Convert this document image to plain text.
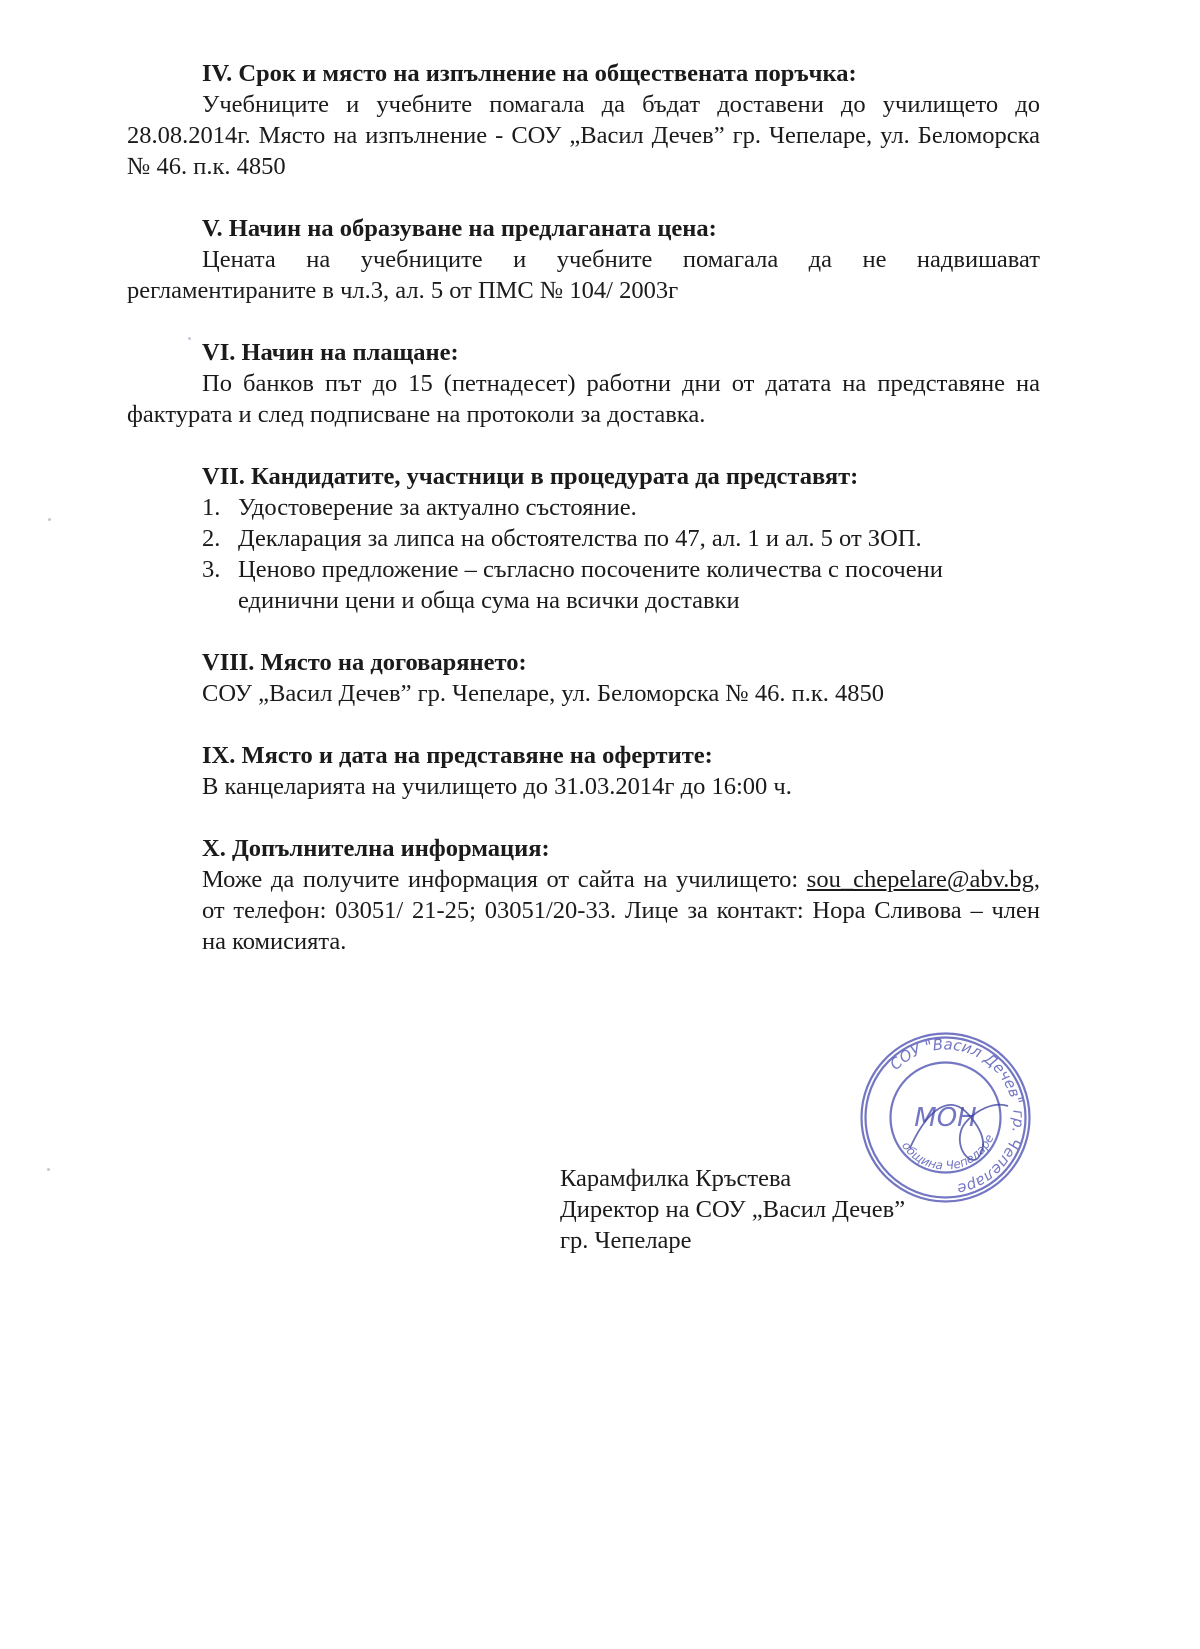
IV. Срок и място на изпълнение на обществената поръчка:
Учебниците и учебните помагала да бъдат доставени до училището до 28.08.2014г. Място на изпълнение - СОУ „Васил Дечев” гр. Чепеларе, ул. Беломорска № 46. п.к. 4850
V. Начин на образуване на предлаганата цена:
Цената на учебниците и учебните помагала да не надвишават регламентираните в чл.3, ал. 5 от ПМС № 104/ 2003г
VI. Начин на плащане:
По банков път до 15 (петнадесет) работни дни от датата на представяне на фактурата и след подписване на протоколи за доставка.
VII. Кандидатите, участници в процедурата да представят:
1. Удостоверение за актуално състояние.
2. Декларация за липса на обстоятелства по 47, ал. 1 и ал. 5 от ЗОП.
3. Ценово предложение – съгласно посочените количества с посочени единични цени и обща сума на всички доставки
VIII. Място на договарянето:
СОУ „Васил Дечев” гр. Чепеларе, ул. Беломорска № 46. п.к. 4850
IX. Място и дата на представяне на офертите:
В канцеларията на училището до 31.03.2014г до 16:00 ч.
X. Допълнителна информация:
Може да получите информация от сайта на училището: sou_chepelare@abv.bg, от телефон: 03051/ 21-25; 03051/20-33. Лице за контакт: Нора Сливова – член на комисията.
СОУ "Васил Дечев" гр. Чепеларе
община Чепеларе
МОН
Карамфилка Кръстева
Директор на СОУ „Васил Дечев”
гр. Чепеларе
